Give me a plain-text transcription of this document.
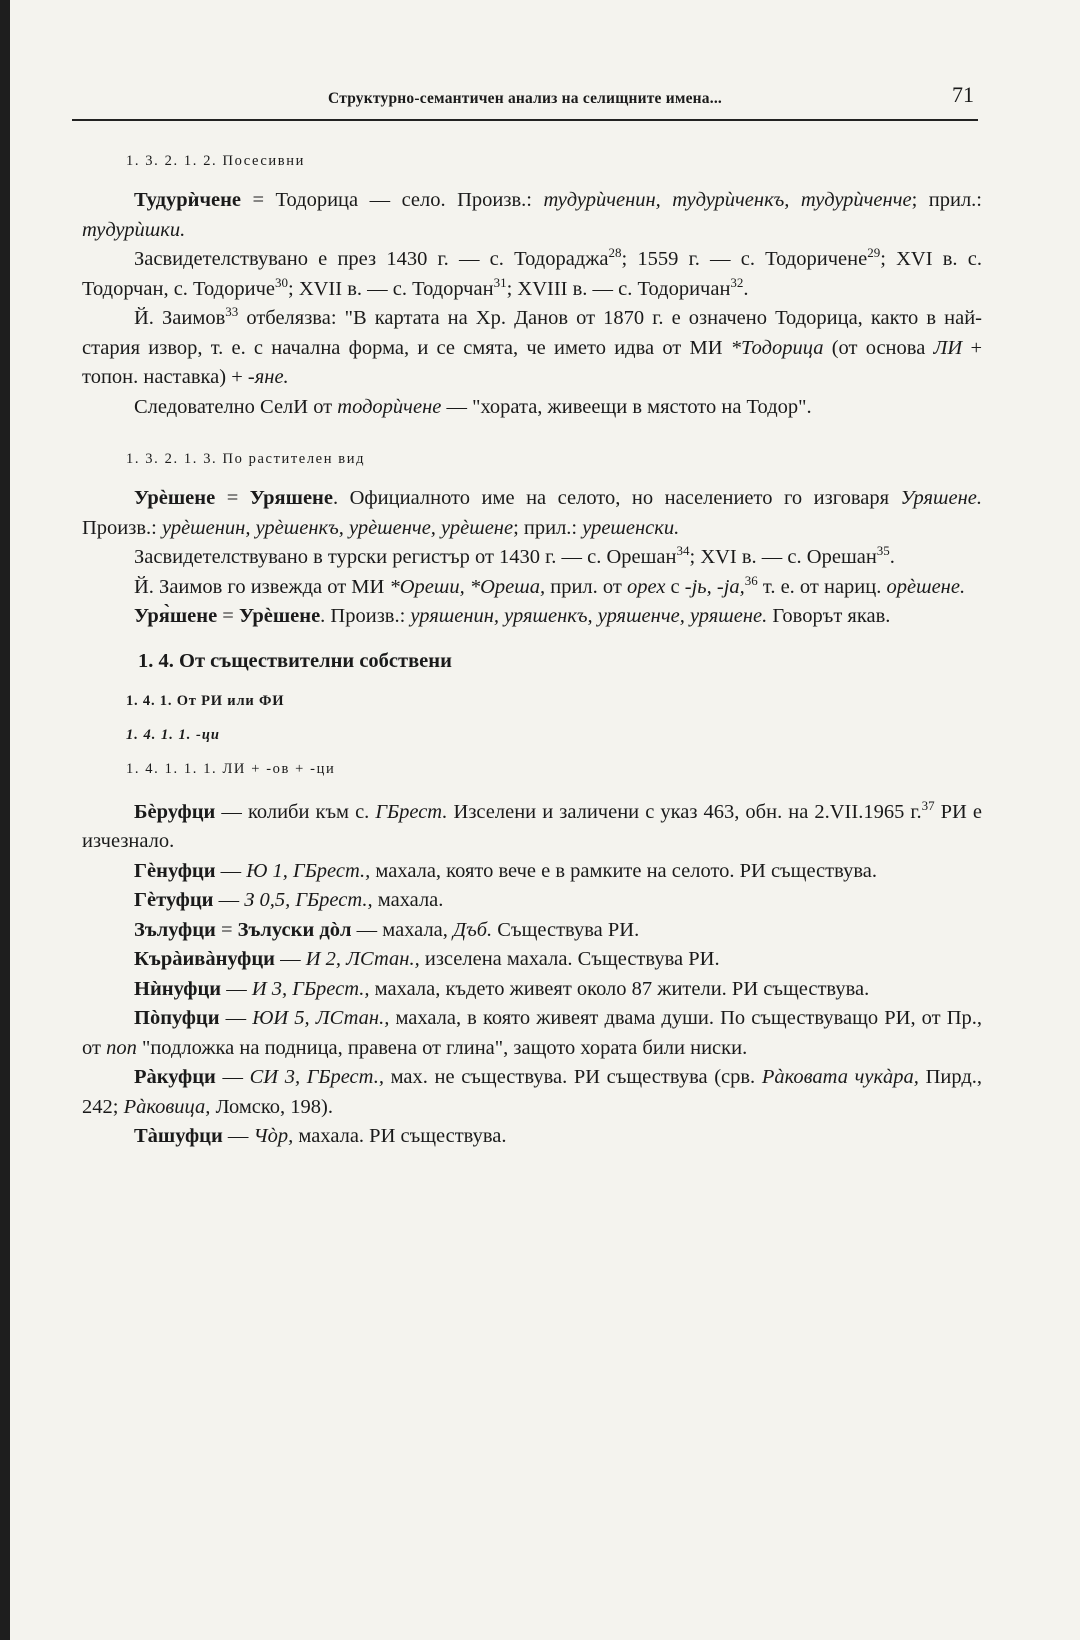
Структурно-семантичен анализ на селищните имена...	71
1. 3. 2. 1. 2. Посесивни

Тудурѝчене = Тодорица — село. Произв.: тудурѝченин, тудурѝченкъ, тудурѝченче; прил.: тудурѝшки.

Засвидетелствувано е през 1430 г. — с. Тодораджа$^{28}$; 1559 г. — с. Тодоричене$^{29}$; XVI в. с. Тодорчан, с. Тодориче$^{30}$; XVII в. — с. Тодорчан$^{31}$; XVIII в. — с. Тодоричан$^{32}$.

Й. Заимов$^{33}$ отбелязва: "В картата на Хр. Данов от 1870 г. е означено Тодорица, както в най-стария извор, т. е. с начална форма, и се смята, че името идва от МИ *Тодорица (от основа ЛИ + топон. наставка) + -яне.

Следователно СелИ от тодорѝчене — "хората, живеещи в мястото на Тодор".

1. 3. 2. 1. 3. По растителен вид

Урѐшене = Уряшене. Официалното име на селото, но населението го изговаря Уряшене. Произв.: урѐшенин, урѐшенкъ, урѐшенче, урѐшене; прил.: урешенски.

Засвидетелствувано в турски регистър от 1430 г. — с. Орешан$^{34}$; XVI в. — с. Орешан$^{35}$.

Й. Заимов го извежда от МИ *Ореши, *Ореша, прил. от орех с -јь, -ја,$^{36}$ т. е. от нариц. орѐшене.

Уря̀шене = Урѐшене. Произв.: уряшенин, уряшенкъ, уряшенче, уряшене. Говорът якав.

1. 4. От съществителни собствени
1. 4. 1. От РИ или ФИ
1. 4. 1. 1. -ци
1. 4. 1. 1. 1. ЛИ + -ов + -ци

Бѐруфци — колиби към с. ГБрест. Изселени и заличени с указ 463, обн. на 2.VII.1965 г.$^{37}$ РИ е изчезнало.

Гѐнуфци — Ю 1, ГБрест., махала, която вече е в рамките на селото. РИ съществува.

Гѐтуфци — З 0,5, ГБрест., махала.

Зълуфци = Зълуски дòл — махала, Дъб. Съществува РИ.

Кърàивàнуфци — И 2, ЛСтан., изселена махала. Съществува РИ.

Нѝнуфци — И 3, ГБрест., махала, където живеят около 87 жители. РИ съществува.

Пòпуфци — ЮИ 5, ЛСтан., махала, в която живеят двама души. По съществуващо РИ, от Пр., от поп "подложка на подница, правена от глина", защото хората били ниски.

Рàкуфци — СИ 3, ГБрест., мах. не съществува. РИ съществува (срв. Рàковата чукàра, Пирд., 242; Рàковица, Ломско, 198).

Тàшуфци — Чòр, махала. РИ съществува.
